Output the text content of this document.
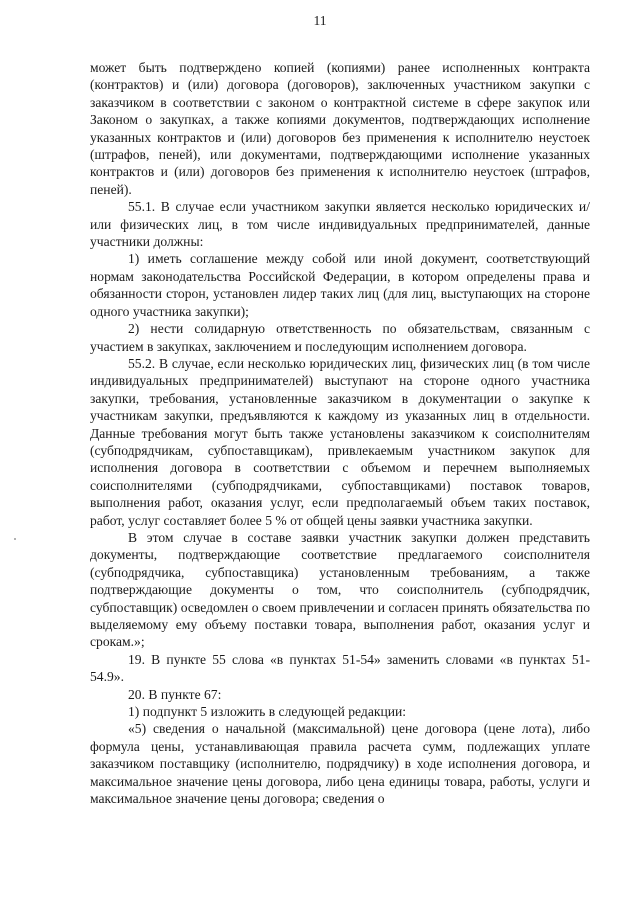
11

может быть подтверждено копией (копиями) ранее исполненных контракта (контрактов) и (или) договора (договоров), заключенных участником закупки с заказчиком в соответствии с законом о контрактной системе в сфере закупок или Законом о закупках, а также копиями документов, подтверждающих исполнение указанных контрактов и (или) договоров без применения к исполнителю неустоек (штрафов, пеней), или документами, подтверждающими исполнение указанных контрактов и (или) договоров без применения к исполнителю неустоек (штрафов, пеней).

55.1. В случае если участником закупки является несколько юридических и/или физических лиц, в том числе индивидуальных предпринимателей, данные участники должны:

1) иметь соглашение между собой или иной документ, соответствующий нормам законодательства Российской Федерации, в котором определены права и обязанности сторон, установлен лидер таких лиц (для лиц, выступающих на стороне одного участника закупки);

2) нести солидарную ответственность по обязательствам, связанным с участием в закупках, заключением и последующим исполнением договора.

55.2. В случае, если несколько юридических лиц, физических лиц (в том числе индивидуальных предпринимателей) выступают на стороне одного участника закупки, требования, установленные заказчиком в документации о закупке к участникам закупки, предъявляются к каждому из указанных лиц в отдельности. Данные требования могут быть также установлены заказчиком к соисполнителям (субподрядчикам, субпоставщикам), привлекаемым участником закупок для исполнения договора в соответствии с объемом и перечнем выполняемых соисполнителями (субподрядчиками, субпоставщиками) поставок товаров, выполнения работ, оказания услуг, если предполагаемый объем таких поставок, работ, услуг составляет более 5 % от общей цены заявки участника закупки.

В этом случае в составе заявки участник закупки должен представить документы, подтверждающие соответствие предлагаемого соисполнителя (субподрядчика, субпоставщика) установленным требованиям, а также подтверждающие документы о том, что соисполнитель (субподрядчик, субпоставщик) осведомлен о своем привлечении и согласен принять обязательства по выделяемому ему объему поставки товара, выполнения работ, оказания услуг и срокам.»;

19. В пункте 55 слова «в пунктах 51-54» заменить словами «в пунктах 51-54.9».

20. В пункте 67:

1) подпункт 5 изложить в следующей редакции:

«5) сведения о начальной (максимальной) цене договора (цене лота), либо формула цены, устанавливающая правила расчета сумм, подлежащих уплате заказчиком поставщику (исполнителю, подрядчику) в ходе исполнения договора, и максимальное значение цены договора, либо цена единицы товара, работы, услуги и максимальное значение цены договора; сведения о
